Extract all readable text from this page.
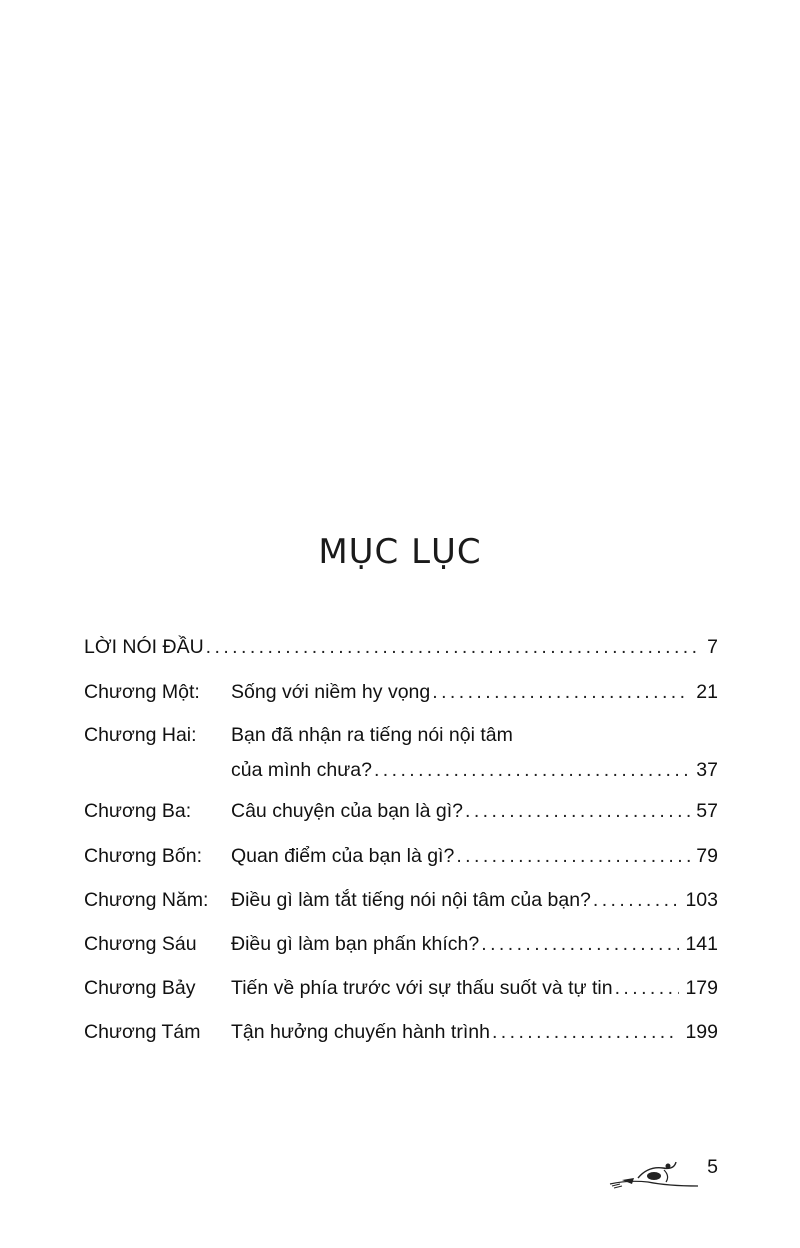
MỤC LỤC
LỜI NÓI ĐẦU . . .	7
Chương Một: Sống với niềm hy vọng . . .	21
Chương Hai: Bạn đã nhận ra tiếng nói nội tâm
của mình chưa? . . .	37
Chương Ba: Câu chuyện của bạn là gì? . . .	57
Chương Bốn: Quan điểm của bạn là gì? . . .	79
Chương Năm: Điều gì làm tắt tiếng nói nội tâm của bạn? . . .	103
Chương Sáu Điều gì làm bạn phấn khích? . . .	141
Chương Bảy Tiến về phía trước với sự thấu suốt và tự tin . . .	179
Chương Tám Tận hưởng chuyến hành trình . . .	199
5
